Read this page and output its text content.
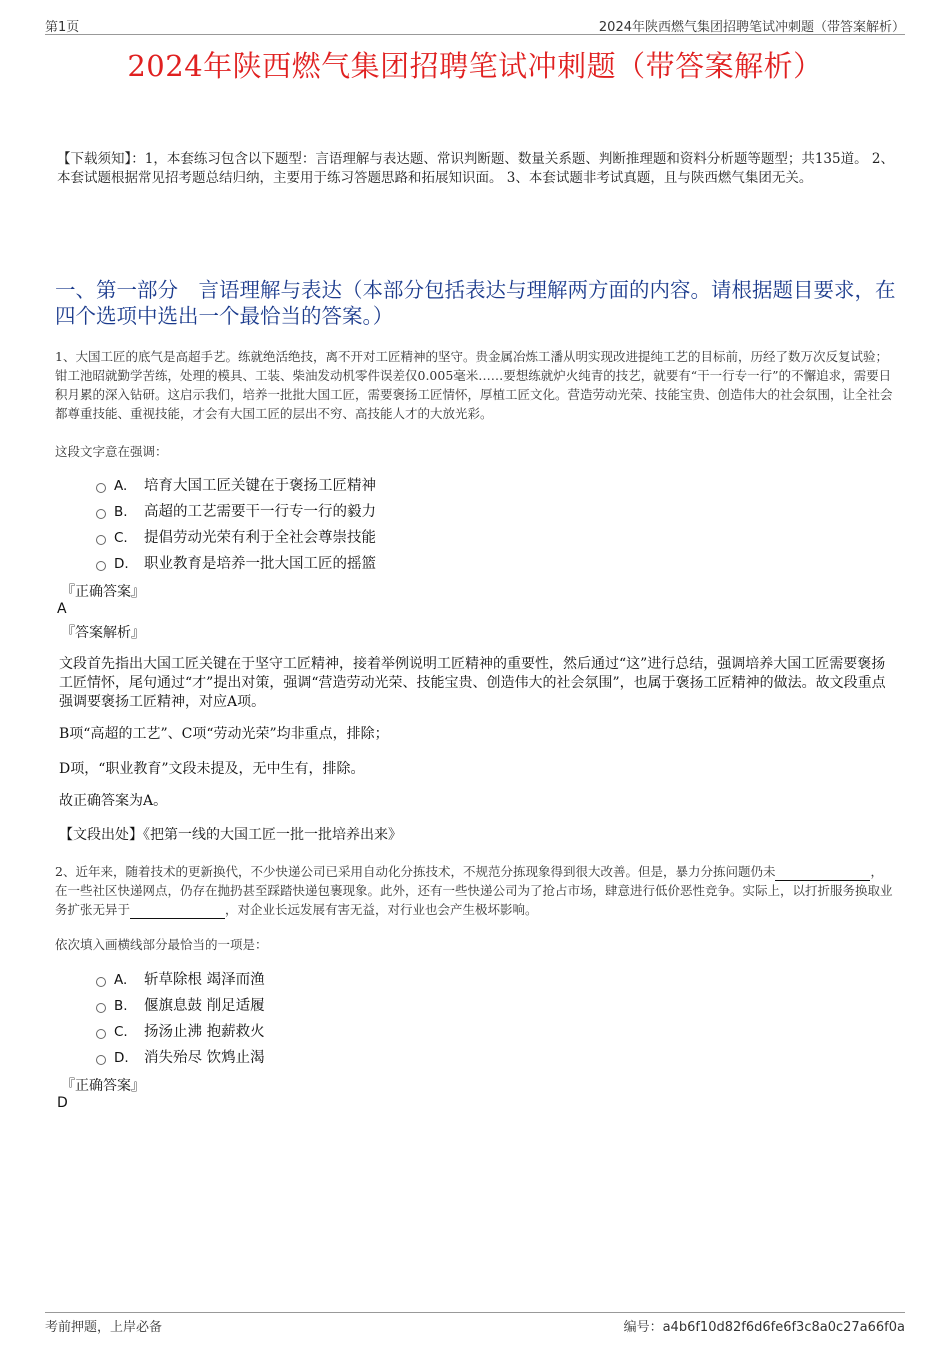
第1页	2024年陕西燃气集团招聘笔试冲刺题（带答案解析）
2024年陕西燃气集团招聘笔试冲刺题（带答案解析）
【下载须知】：1，本套练习包含以下题型：言语理解与表达题、常识判断题、数量关系题、判断推理题和资料分析题等题型；共135道。 2、本套试题根据常见招考题总结归纳，主要用于练习答题思路和拓展知识面。 3、本套试题非考试真题，且与陕西燃气集团无关。
一、第一部分　言语理解与表达（本部分包括表达与理解两方面的内容。请根据题目要求，在四个选项中选出一个最恰当的答案。）
1、大国工匠的底气是高超手艺。练就绝活绝技，离不开对工匠精神的坚守。贵金属冶炼工潘从明实现改进提纯工艺的目标前，历经了数万次反复试验；钳工池昭就勤学苦练，处理的模具、工装、柴油发动机零件误差仅0.005毫米……要想练就炉火纯青的技艺，就要有“干一行专一行”的不懈追求，需要日积月累的深入钻研。这启示我们，培养一批批大国工匠，需要褒扬工匠情怀，厚植工匠文化。营造劳动光荣、技能宝贵、创造伟大的社会氛围，让全社会都尊重技能、重视技能，才会有大国工匠的层出不穷、高技能人才的大放光彩。
这段文字意在强调：
A. 培育大国工匠关键在于褒扬工匠精神
B. 高超的工艺需要干一行专一行的毅力
C. 提倡劳动光荣有利于全社会尊崇技能
D. 职业教育是培养一批大国工匠的摇篮
『正确答案』
A
『答案解析』
文段首先指出大国工匠关键在于坚守工匠精神，接着举例说明工匠精神的重要性，然后通过“这”进行总结，强调培养大国工匠需要褒扬工匠情怀，尾句通过“才”提出对策，强调“营造劳动光荣、技能宝贵、创造伟大的社会氛围”，也属于褒扬工匠精神的做法。故文段重点强调要褒扬工匠精神，对应A项。
B项“高超的工艺”、C项“劳动光荣”均非重点，排除；
D项，“职业教育”文段未提及，无中生有，排除。
故正确答案为A。
【文段出处】《把第一线的大国工匠一批一批培养出来》
2、近年来，随着技术的更新换代，不少快递公司已采用自动化分拣技术，不规范分拣现象得到很大改善。但是，暴力分拣问题仍未	，在一些社区快递网点，仍存在抛扔甚至踩踏快递包裹现象。此外，还有一些快递公司为了抢占市场，肆意进行低价恶性竞争。实际上，以打折服务换取业务扩张无异于	，对企业长远发展有害无益，对行业也会产生极坏影响。
依次填入画横线部分最恰当的一项是：
A. 斩草除根 竭泽而渔
B. 偃旗息鼓 削足适履
C. 扬汤止沸 抱薪救火
D. 消失殆尽 饮鸩止渴
『正确答案』
D
考前押题，上岸必备	编号：a4b6f10d82f6d6fe6f3c8a0c27a66f0a
